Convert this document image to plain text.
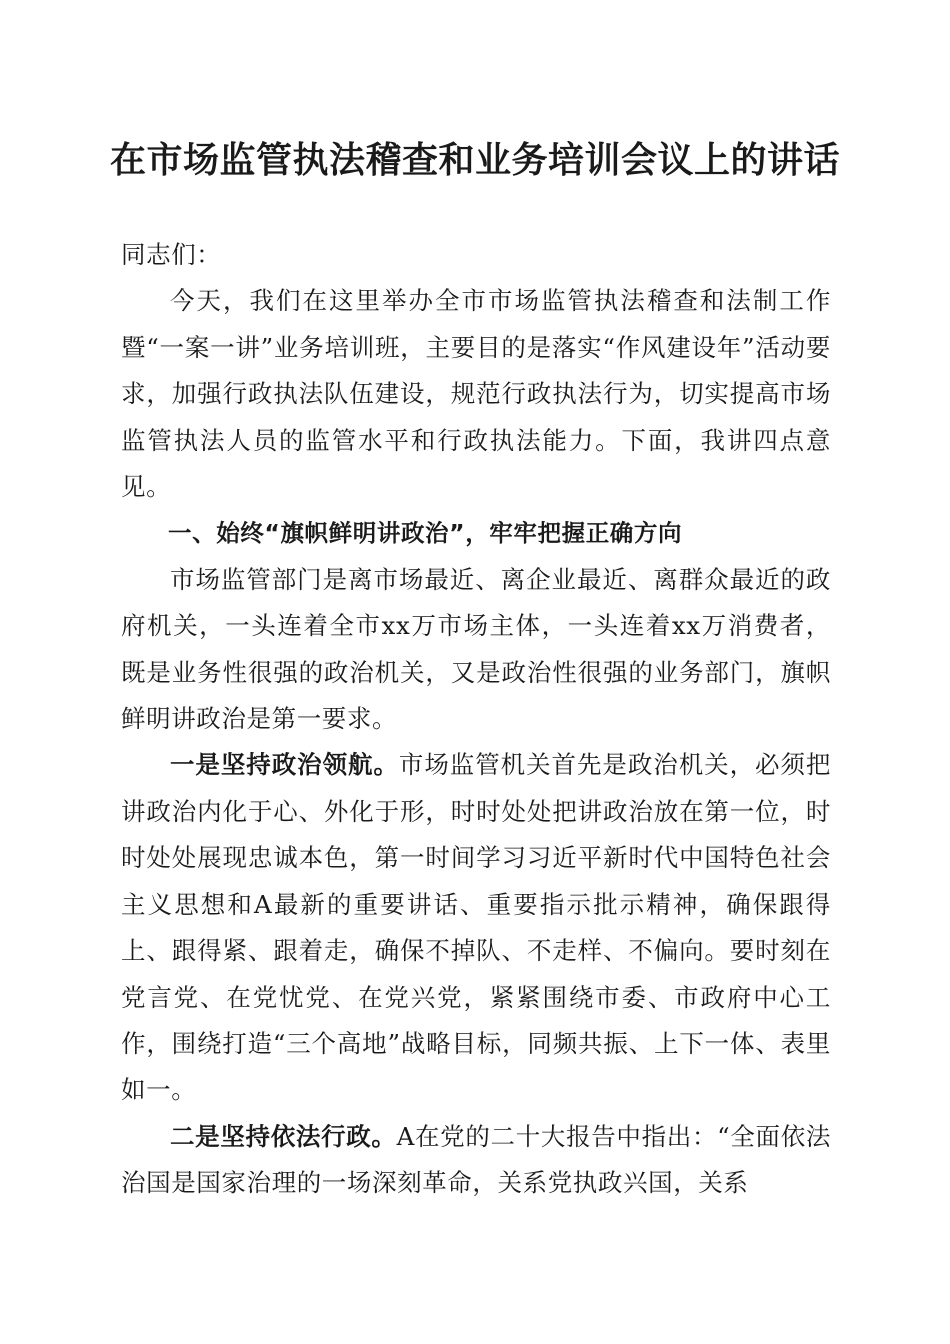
在市场监管执法稽查和业务培训会议上的讲话

同志们：

今天，我们在这里举办全市市场监管执法稽查和法制工作暨“一案一讲”业务培训班，主要目的是落实“作风建设年”活动要求，加强行政执法队伍建设，规范行政执法行为，切实提高市场监管执法人员的监管水平和行政执法能力。下面，我讲四点意见。

一、始终“旗帜鲜明讲政治”，牢牢把握正确方向

市场监管部门是离市场最近、离企业最近、离群众最近的政府机关，一头连着全市xx万市场主体，一头连着xx万消费者，既是业务性很强的政治机关，又是政治性很强的业务部门，旗帜鲜明讲政治是第一要求。

一是坚持政治领航。市场监管机关首先是政治机关，必须把讲政治内化于心、外化于形，时时处处把讲政治放在第一位，时时处处展现忠诚本色，第一时间学习习近平新时代中国特色社会主义思想和A最新的重要讲话、重要指示批示精神，确保跟得上、跟得紧、跟着走，确保不掉队、不走样、不偏向。要时刻在党言党、在党忧党、在党兴党，紧紧围绕市委、市政府中心工作，围绕打造“三个高地”战略目标，同频共振、上下一体、表里如一。

二是坚持依法行政。A在党的二十大报告中指出：“全面依法治国是国家治理的一场深刻革命，关系党执政兴国，关系
